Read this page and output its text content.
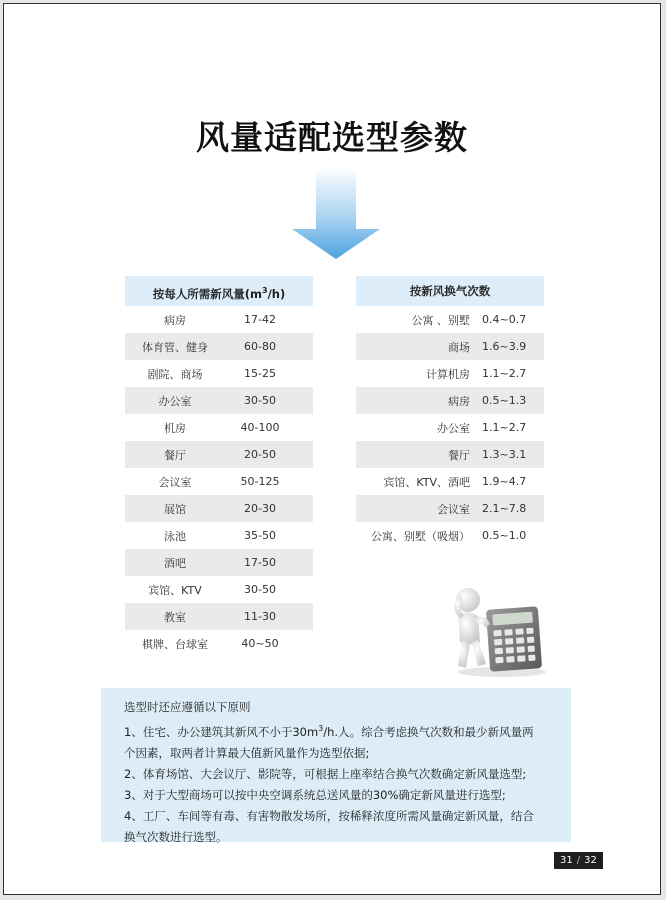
风量适配选型参数
按每人所需新风量$(m^3/h)$
病房	17-42
体育管、健身	60-80
剧院、商场	15-25
办公室	30-50
机房	40-100
餐厅	20-50
会议室	50-125
展馆	20-30
泳池	35-50
酒吧	17-50
宾馆、KTV	30-50
教室	11-30
棋牌、台球室	40~50
按新风换气次数
公寓 、别墅	0.4~0.7
商场	1.6~3.9
计算机房	1.1~2.7
病房	0.5~1.3
办公室	1.1~2.7
餐厅	1.3~3.1
宾馆、KTV、酒吧	1.9~4.7
会议室	2.1~7.8
公寓、别墅（吸烟）	0.5~1.0
选型时还应遵循以下原则
1、住宅、办公建筑其新风不小于$30m^3/h$.人。综合考虑换气次数和最少新风量两
个因素，取两者计算最大值新风量作为选型依据;
2、体育场馆、大会议厅、影院等，可根据上座率结合换气次数确定新风量选型;
3、对于大型商场可以按中央空调系统总送风量的30%确定新风量进行选型;
4、工厂、车间等有毒、有害物散发场所，按稀释浓度所需风量确定新风量，结合
换气次数进行选型。
31 / 32
